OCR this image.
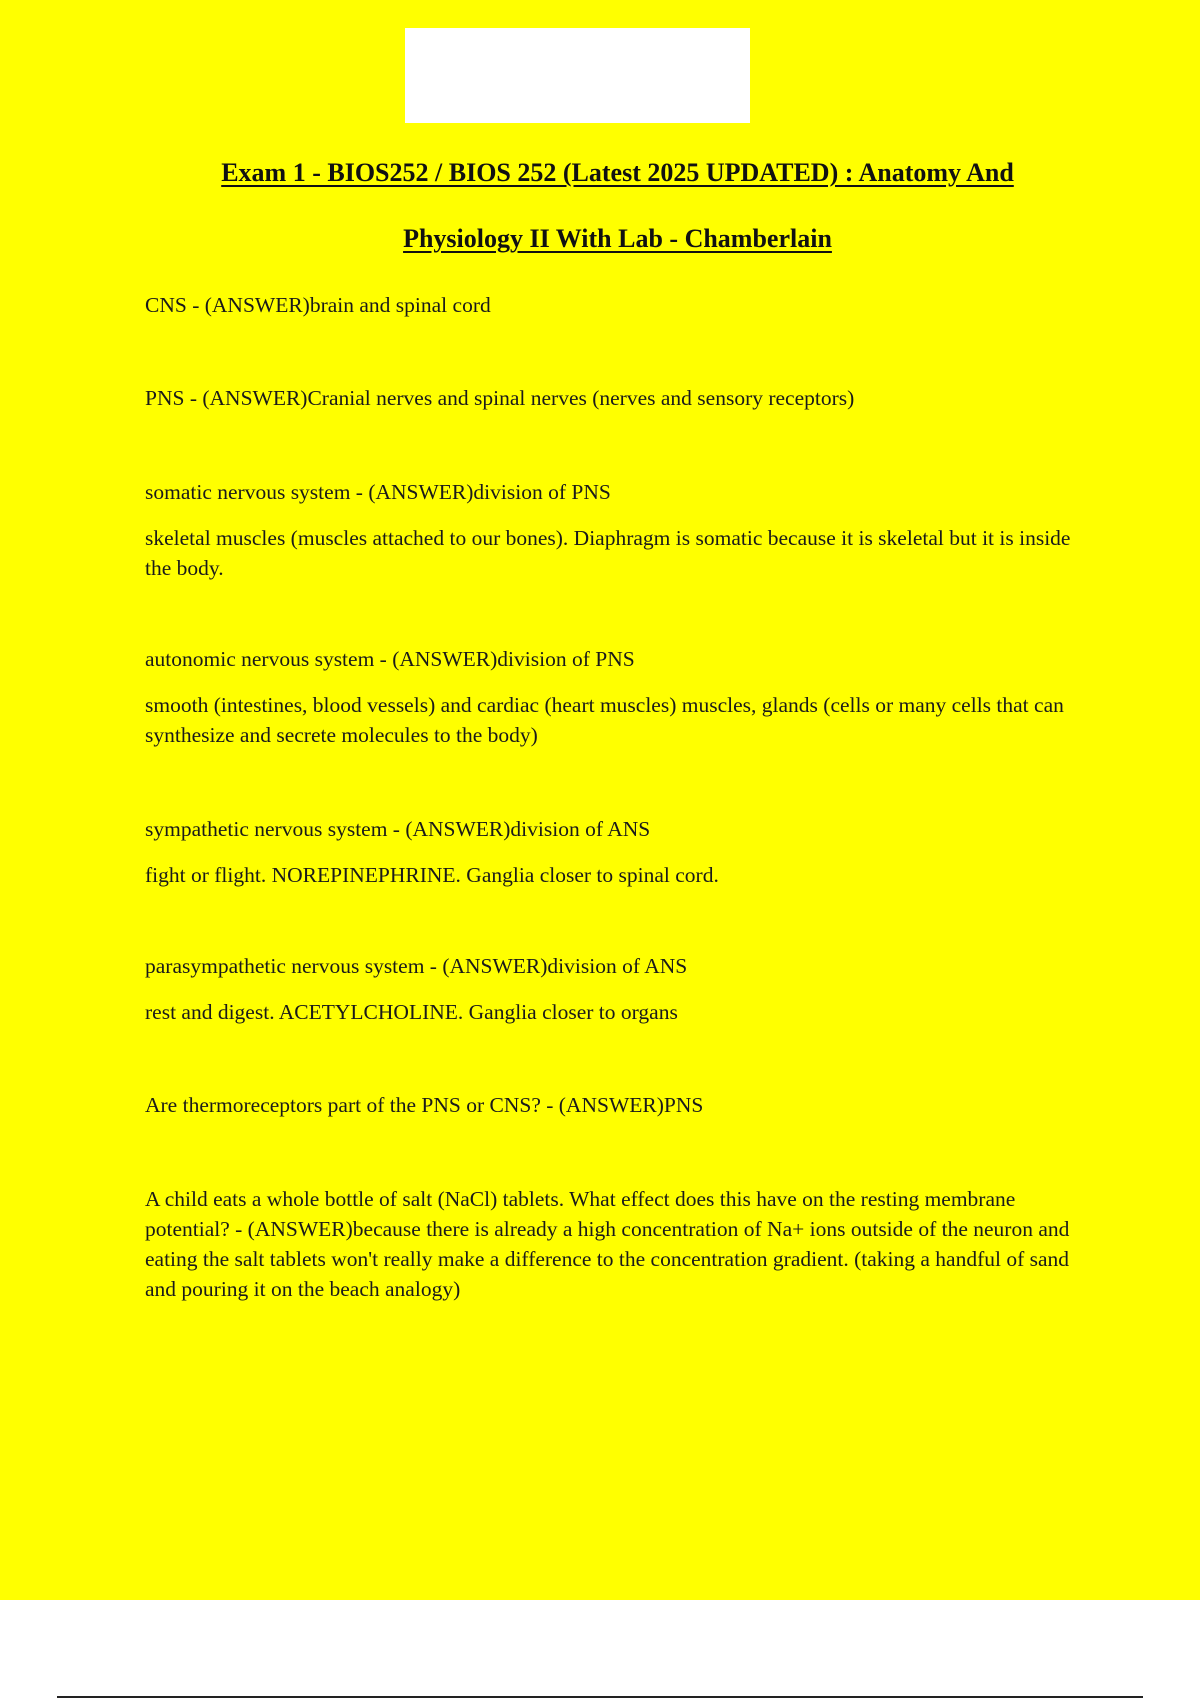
Exam 1 - BIOS252 / BIOS 252 (Latest 2025 UPDATED) : Anatomy And
Physiology II With Lab - Chamberlain
CNS - (ANSWER)brain and spinal cord
PNS - (ANSWER)Cranial nerves and spinal nerves (nerves and sensory receptors)
somatic nervous system - (ANSWER)division of PNS
skeletal muscles (muscles attached to our bones). Diaphragm is somatic because it is skeletal but it is inside the body.
autonomic nervous system - (ANSWER)division of PNS
smooth (intestines, blood vessels) and cardiac (heart muscles) muscles, glands (cells or many cells that can synthesize and secrete molecules to the body)
sympathetic nervous system - (ANSWER)division of ANS
fight or flight. NOREPINEPHRINE. Ganglia closer to spinal cord.
parasympathetic nervous system - (ANSWER)division of ANS
rest and digest. ACETYLCHOLINE. Ganglia closer to organs
Are thermoreceptors part of the PNS or CNS? - (ANSWER)PNS
A child eats a whole bottle of salt (NaCl) tablets. What effect does this have on the resting membrane potential? - (ANSWER)because there is already a high concentration of Na+ ions outside of the neuron and eating the salt tablets won't really make a difference to the concentration gradient. (taking a handful of sand and pouring it on the beach analogy)
